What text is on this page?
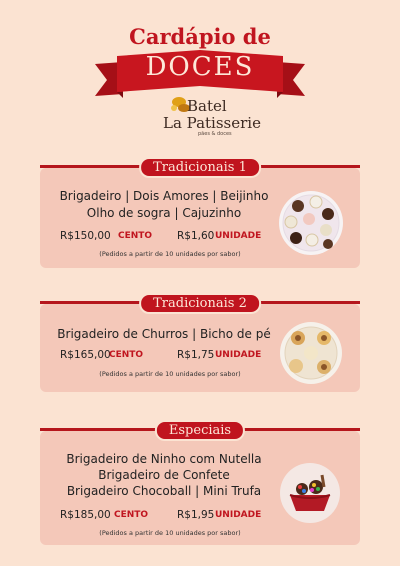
Cardápio de
DOCES
Batel
La Patisserie
pães & doces
Tradicionais 1
Brigadeiro | Dois Amores | Beijinho
Olho de sogra | Cajuzinho
R$150,00 CENTO R$1,60 UNIDADE
(Pedidos a partir de 10 unidades por sabor)
Tradicionais 2
Brigadeiro de Churros | Bicho de pé
R$165,00
CENTO	R$1,75 UNIDADE
(Pedidos a partir de 10 unidades por sabor)
Especiais
Brigadeiro de Ninho com Nutella
Brigadeiro de Confete
Brigadeiro Chocoball | Mini Trufa
R$185,00 CENTO	R$1,95 UNIDADE
(Pedidos a partir de 10 unidades por sabor)
